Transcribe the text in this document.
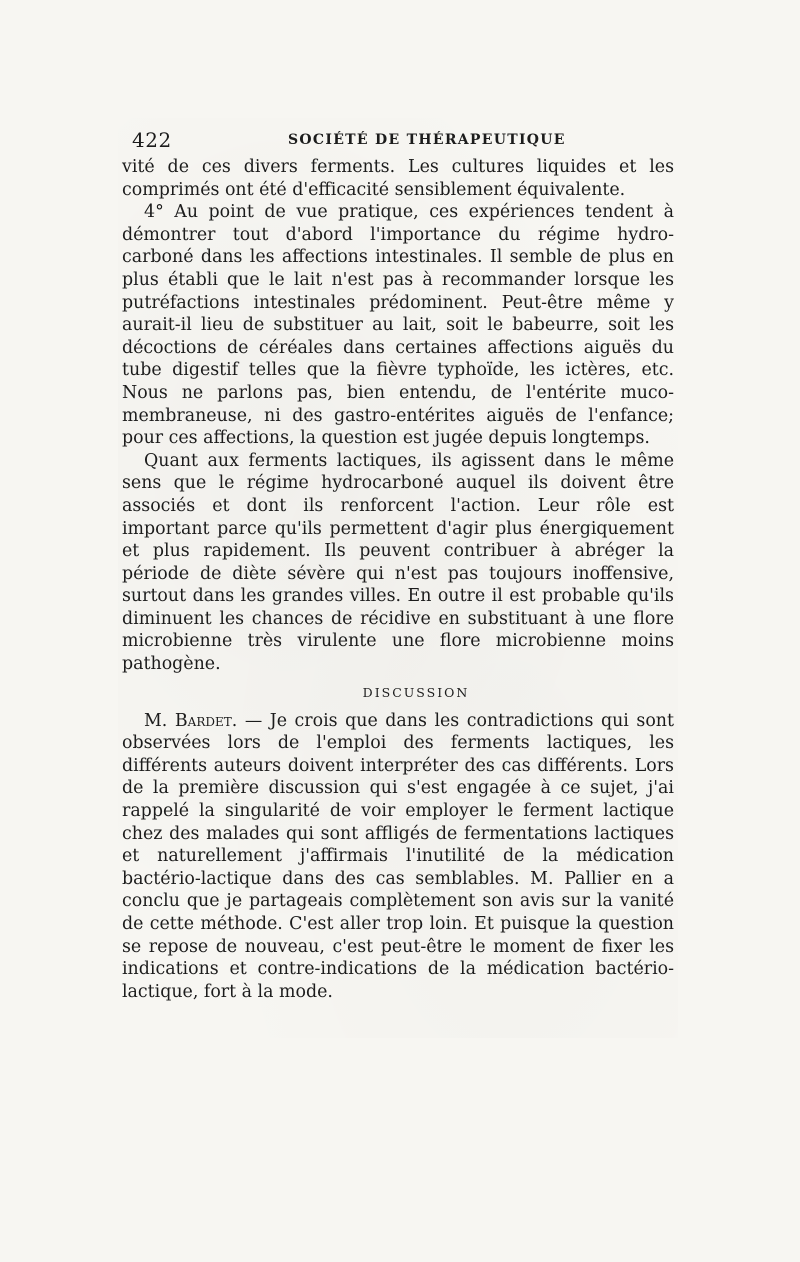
422	SOCIÉTÉ DE THÉRAPEUTIQUE

vité de ces divers ferments. Les cultures liquides et les comprimés ont été d'efficacité sensiblement équivalente.

4° Au point de vue pratique, ces expériences tendent à démontrer tout d'abord l'importance du régime hydro-carboné dans les affections intestinales. Il semble de plus en plus établi que le lait n'est pas à recommander lorsque les putréfactions intestinales prédominent. Peut-être même y aurait-il lieu de substituer au lait, soit le babeurre, soit les décoctions de céréales dans certaines affections aiguës du tube digestif telles que la fièvre typhoïde, les ictères, etc. Nous ne parlons pas, bien entendu, de l'entérite muco-membraneuse, ni des gastro-entérites aiguës de l'enfance; pour ces affections, la question est jugée depuis longtemps.

Quant aux ferments lactiques, ils agissent dans le même sens que le régime hydrocarboné auquel ils doivent être associés et dont ils renforcent l'action. Leur rôle est important parce qu'ils permettent d'agir plus énergiquement et plus rapidement. Ils peuvent contribuer à abréger la période de diète sévère qui n'est pas toujours inoffensive, surtout dans les grandes villes. En outre il est probable qu'ils diminuent les chances de récidive en substituant à une flore microbienne très virulente une flore microbienne moins pathogène.

DISCUSSION

M. Bardet. — Je crois que dans les contradictions qui sont observées lors de l'emploi des ferments lactiques, les différents auteurs doivent interpréter des cas différents. Lors de la première discussion qui s'est engagée à ce sujet, j'ai rappelé la singularité de voir employer le ferment lactique chez des malades qui sont affligés de fermentations lactiques et naturellement j'affirmais l'inutilité de la médication bactério-lactique dans des cas semblables. M. Pallier en a conclu que je partageais complètement son avis sur la vanité de cette méthode. C'est aller trop loin. Et puisque la question se repose de nouveau, c'est peut-être le moment de fixer les indications et contre-indications de la médication bactério-lactique, fort à la mode.
